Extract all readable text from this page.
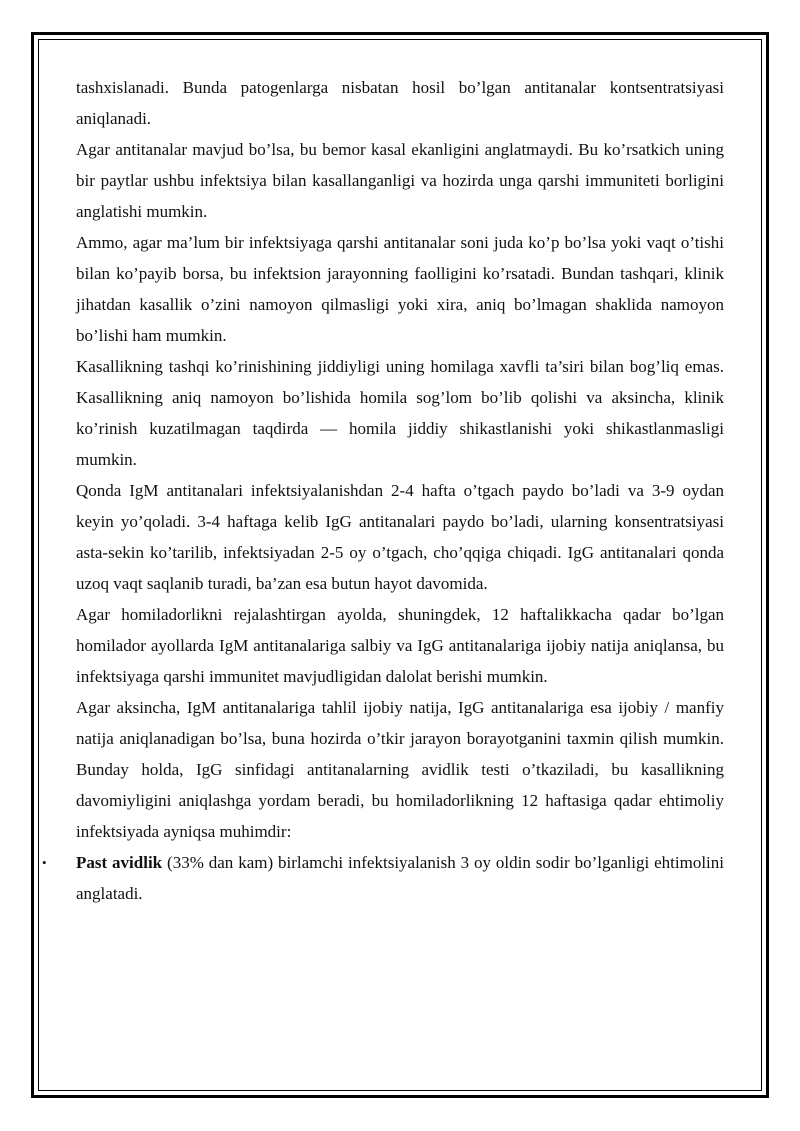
tashxislanadi. Bunda patogenlarga nisbatan hosil bo’lgan antitanalar kontsentratsiyasi aniqlanadi.

Agar antitanalar mavjud bo’lsa, bu bemor kasal ekanligini anglatmaydi. Bu ko’rsatkich uning bir paytlar ushbu infektsiya bilan kasallanganligi va hozirda unga qarshi immuniteti borligini anglatishi mumkin.

Ammo, agar ma’lum bir infektsiyaga qarshi antitanalar soni juda ko’p bo’lsa yoki vaqt o’tishi bilan ko’payib borsa, bu infektsion jarayonning faolligini ko’rsatadi. Bundan tashqari, klinik jihatdan kasallik o’zini namoyon qilmasligi yoki xira, aniq bo’lmagan shaklida namoyon bo’lishi ham mumkin.

Kasallikning tashqi ko’rinishining jiddiyligi uning homilaga xavfli ta’siri bilan bog’liq emas. Kasallikning aniq namoyon bo’lishida homila sog’lom bo’lib qolishi va aksincha, klinik ko’rinish kuzatilmagan taqdirda — homila jiddiy shikastlanishi yoki shikastlanmasligi mumkin.

Qonda IgM antitanalari infektsiyalanishdan 2-4 hafta o’tgach paydo bo’ladi va 3-9 oydan keyin yo’qoladi. 3-4 haftaga kelib IgG antitanalari paydo bo’ladi, ularning konsentratsiyasi asta-sekin ko’tarilib, infektsiyadan 2-5 oy o’tgach, cho’qqiga chiqadi. IgG antitanalari qonda uzoq vaqt saqlanib turadi, ba’zan esa butun hayot davomida.

Agar homiladorlikni rejalashtirgan ayolda, shuningdek, 12 haftalikkacha qadar bo’lgan homilador ayollarda IgM antitanalariga salbiy va IgG antitanalariga ijobiy natija aniqlansa, bu infektsiyaga qarshi immunitet mavjudligidan dalolat berishi mumkin.

Agar aksincha, IgM antitanalariga tahlil ijobiy natija, IgG antitanalariga esa ijobiy / manfiy natija aniqlanadigan bo’lsa, buna hozirda o’tkir jarayon borayotganini taxmin qilish mumkin. Bunday holda, IgG sinfidagi antitanalarning avidlik testi o’tkaziladi, bu kasallikning davomiyligini aniqlashga yordam beradi, bu homiladorlikning 12 haftasiga qadar ehtimoliy infektsiyada ayniqsa muhimdir:

• Past avidlik (33% dan kam) birlamchi infektsiyalanish 3 oy oldin sodir bo’lganligi ehtimolini anglatadi.
